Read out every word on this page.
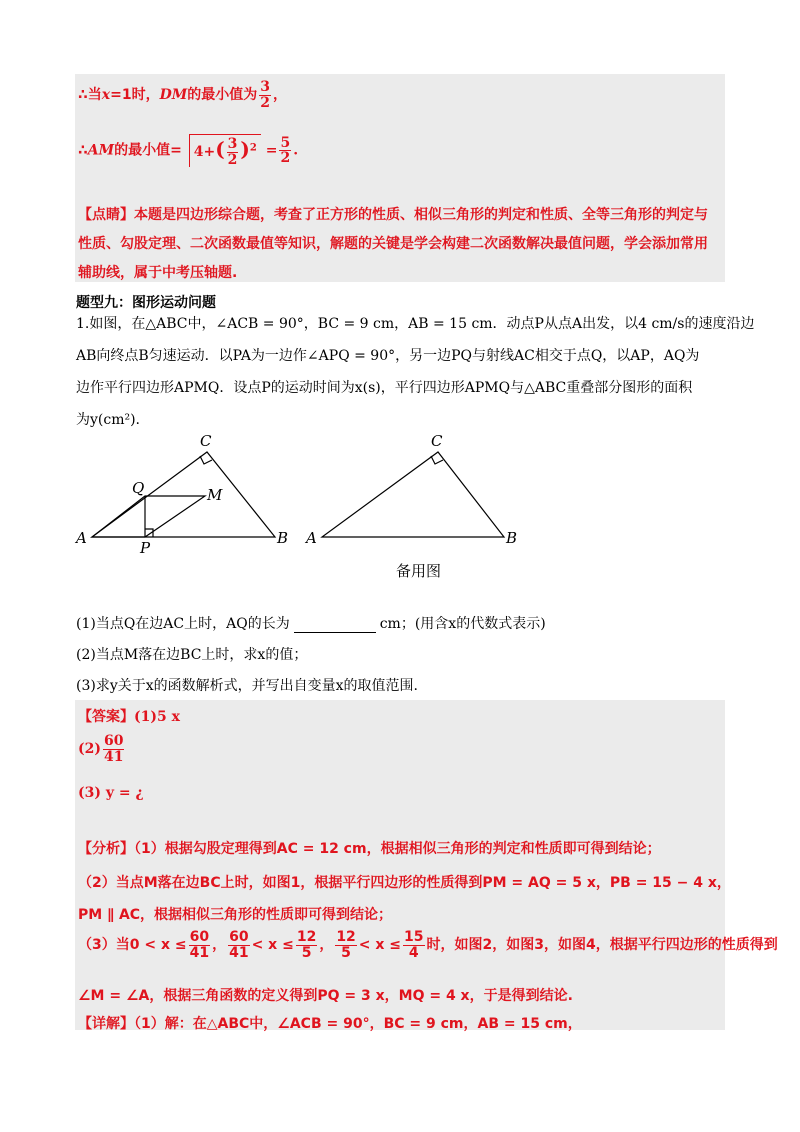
∴当x=1时，DM的最小值为 $\frac{3}{2}$ ，
∴AM的最小值= $4+( \frac{3}{2} )^2 = \frac{5}{2}$ .
【点睛】本题是四边形综合题，考查了正方形的性质、相似三角形的判定和性质、全等三角形的判定与
性质、勾股定理、二次函数最值等知识，解题的关键是学会构建二次函数解决最值问题，学会添加常用
辅助线，属于中考压轴题.
题型九：图形运动问题
1.如图，在△ABC中，∠ACB = 90°，BC = 9 cm，AB = 15 cm．动点P从点A出发，以4 cm/s的速度沿边
AB向终点B匀速运动．以PA为一边作∠APQ = 90°，另一边PQ与射线AC相交于点Q，以AP，AQ为
边作平行四边形APMQ．设点P的运动时间为x(s)，平行四边形APMQ与△ABC重叠部分图形的面积
为y(cm²).
C
Q	M
A	B
P
C
A	B
备用图
(1)当点Q在边AC上时，AQ的长为	cm；(用含x的代数式表示)
(2)当点M落在边BC上时，求x的值；
(3)求y关于x的函数解析式，并写出自变量x的取值范围.
【答案】(1)5 x
$(2) \frac{60}{41}$
(3) y = ¿
【分析】（1）根据勾股定理得到AC = 12 cm，根据相似三角形的判定和性质即可得到结论；
（2）当点M落在边BC上时，如图1，根据平行四边形的性质得到PM = AQ = 5 x，PB = 15 − 4 x，
PM ∥ AC，根据相似三角形的性质即可得到结论；
（3）当$0 < x \le \frac{60}{41}$ ， $\frac{60}{41} < x \le \frac{12}{5}$ ， $\frac{12}{5} < x \le \frac{15}{4}$ 时，如图2，如图3，如图4，根据平行四边形的性质得到
∠M = ∠A，根据三角函数的定义得到PQ = 3 x，MQ = 4 x，于是得到结论.
【详解】（1）解：在△ABC中，∠ACB = 90°，BC = 9 cm，AB = 15 cm，
